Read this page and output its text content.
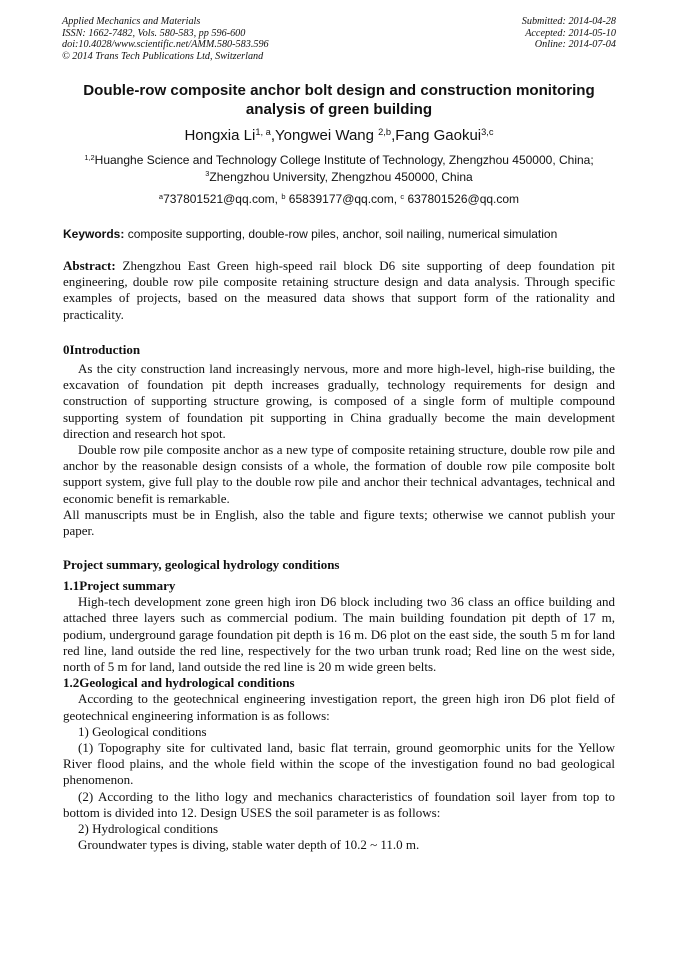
Applied Mechanics and Materials
ISSN: 1662-7482, Vols. 580-583, pp 596-600
doi:10.4028/www.scientific.net/AMM.580-583.596
© 2014 Trans Tech Publications Ltd, Switzerland
Submitted: 2014-04-28
Accepted: 2014-05-10
Online: 2014-07-04
Double-row composite anchor bolt design and construction monitoring
analysis of green building
Hongxia Li$^{1, a}$,Yongwei Wang $^{2,b}$,Fang Gaokui$^{3,c}$
$^{1,2}$Huanghe Science and Technology College Institute of Technology, Zhengzhou 450000, China;
$^3$Zhengzhou University, Zhengzhou 450000, China
$^a$737801521@qq.com, $^b$ 65839177@qq.com, $^c$ 637801526@qq.com
Keywords: composite supporting, double-row piles, anchor, soil nailing, numerical simulation

Abstract: Zhengzhou East Green high-speed rail block D6 site supporting of deep foundation pit engineering, double row pile composite retaining structure design and data analysis. Through specific examples of projects, based on the measured data shows that support form of the rationality and practicality.

0Introduction

As the city construction land increasingly nervous, more and more high-level, high-rise building, the excavation of foundation pit depth increases gradually, technology requirements for design and construction of supporting structure growing, is composed of a single form of multiple compound supporting system of foundation pit supporting in China gradually become the main development direction and research hot spot.

Double row pile composite anchor as a new type of composite retaining structure, double row pile and anchor by the reasonable design consists of a whole, the formation of double row pile composite bolt support system, give full play to the double row pile and anchor their technical advantages, technical and economic benefit is remarkable.

All manuscripts must be in English, also the table and figure texts; otherwise we cannot publish your paper.

Project summary, geological hydrology conditions

1.1Project summary

High-tech development zone green high iron D6 block including two 36 class an office building and attached three layers such as commercial podium. The main building foundation pit depth of 17 m, podium, underground garage foundation pit depth is 16 m. D6 plot on the east side, the south 5 m for land red line, land outside the red line, respectively for the two urban trunk road; Red line on the west side, north of 5 m for land, land outside the red line is 20 m wide green belts.

1.2Geological and hydrological conditions

According to the geotechnical engineering investigation report, the green high iron D6 plot field of geotechnical engineering information is as follows:

1) Geological conditions

(1) Topography site for cultivated land, basic flat terrain, ground geomorphic units for the Yellow River flood plains, and the whole field within the scope of the investigation found no bad geological phenomenon.

(2) According to the litho logy and mechanics characteristics of foundation soil layer from top to bottom is divided into 12. Design USES the soil parameter is as follows:

2) Hydrological conditions

Groundwater types is diving, stable water depth of 10.2 ~ 11.0 m.
